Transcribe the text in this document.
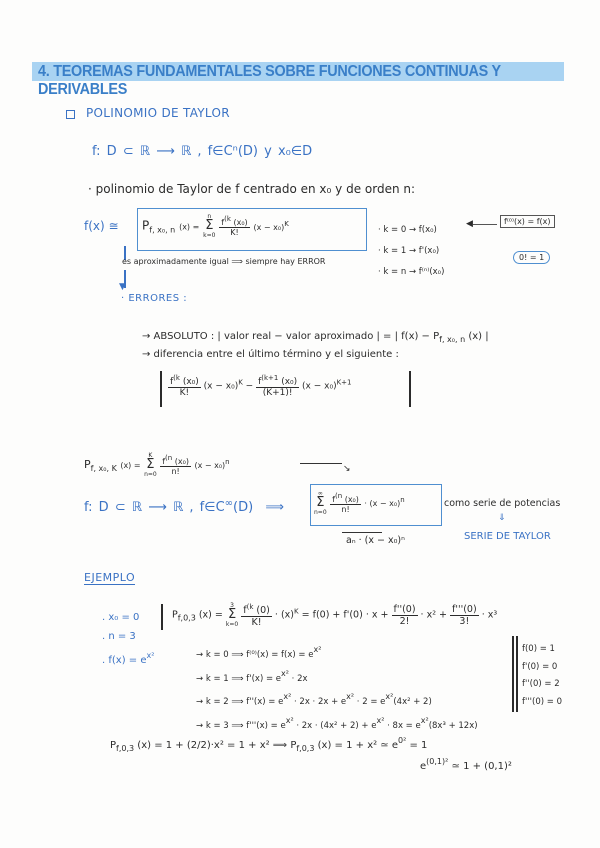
4. TEOREMAS FUNDAMENTALES SOBRE FUNCIONES CONTINUAS Y DERIVABLES
POLINOMIO DE TAYLOR
f: D ⊂ ℝ ⟶ ℝ , f∈Cⁿ(D) y x₀∈D
· polinomio de Taylor de f centrado en x₀ y de orden n:
f(x) ≅ $P_{f, x_0, n}$ (x) =
n
Σ
k=0
$\frac{\text{f(k (x₀)}}{K!} (x - x_0)K$
· k = 0 → f(x₀)
· k = 1 → f'(x₀)
· k = n → f⁽ⁿ⁾(x₀)
◀	f⁽⁰⁾(x) = f(x)
0! = 1
es aproximadamente igual ⟹ siempre hay ERROR
▼
· ERRORES :
→ ABSOLUTO : | valor real − valor aproximado | = | $f(x) - P_{f, x_0, n}$ (x) |
→ diferencia entre el último término y el siguiente :
$\frac{f^{(k} (x_0)}{K!} (x - x_0)^K - \frac{f^{(k+1} (x_0)}{(K+1)!} (x - x_0)^{K+1}$
$P_{f, x_0, K}$ (x) =
K
Σ
n=0
$\frac{\text{f(n (x₀)}}{n!} (x - x_0)n$
↘
f: D ⊂ ℝ ⟶ ℝ , f∈C∞(D) ⟹
∞
Σ
n=0
$\frac{\text{f(n (x₀)}}{n!} \cdot (x - x_0)n$	como serie de potencias
⇓
aₙ · (x − x₀)ⁿ	SERIE DE TAYLOR
EJEMPLO
. x₀ = 0
. n = 3
. $f(x) = e^{x^2}$
$P_{f,0,3}$ (x) =
3
Σ
k=0
$\frac{f^{(k} (0)}{K!} \cdot (x)^K = f(0) + f'(0) \cdot x + \frac{f''(0)}{2!} \cdot x^2 + \frac{f'''(0)}{3!} \cdot x^3$
→ k = 0 ⟹ f⁽⁰⁾(x) = f(x) = ex²
→ k = 1 ⟹ f'(x) = ex² · 2x
→ k = 2 ⟹ f''(x) = ex² · 2x · 2x + ex² · 2 = ex²(4x² + 2)
→ k = 3 ⟹ f'''(x) = ex² · 2x · (4x² + 2) + ex² · 8x = ex²(8x³ + 12x)
f(0) = 1
f'(0) = 0
f''(0) = 2
f'''(0) = 0
$P_{f,0,3}$ (x) = 1 + (2/2)·x² = 1 + x² ⟹ $P_{f,0,3}$ (x) = 1 + x² ≃ $e^{0^2} = 1$
$e^{(0,1)^2}$ ≃ 1 + (0,1)²
